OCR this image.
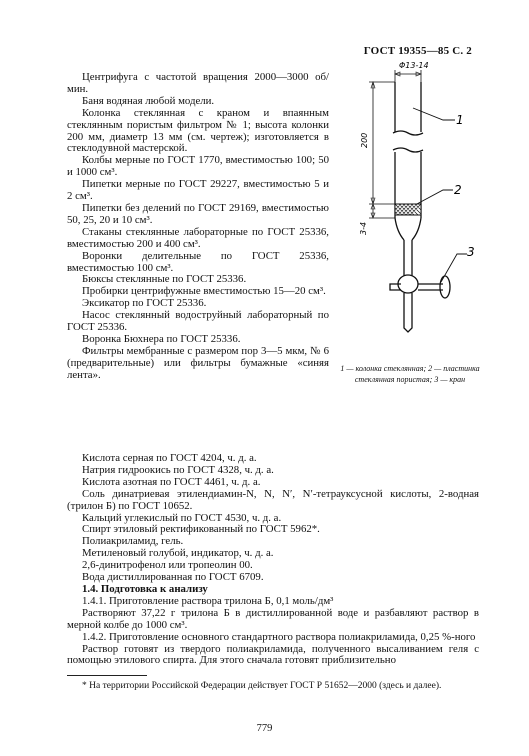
ГОСТ 19355—85 С. 2

Центрифуга с частотой вращения 2000—3000 об/мин.

Баня водяная любой модели.

Колонка стеклянная с краном и впаянным стеклянным пористым фильтром № 1; высота колонки 200 мм, диаметр 13 мм (см. чертеж); изготовляется в стеклодувной мастерской.

Колбы мерные по ГОСТ 1770, вместимостью 100; 50 и 1000 см³.

Пипетки мерные по ГОСТ 29227, вместимостью 5 и 2 см³.

Пипетки без делений по ГОСТ 29169, вместимостью 50, 25, 20 и 10 см³.

Стаканы стеклянные лабораторные по ГОСТ 25336, вместимостью 200 и 400 см³.

Воронки делительные по ГОСТ 25336, вместимостью 100 см³.

Бюксы стеклянные по ГОСТ 25336.

Пробирки центрифужные вместимостью 15—20 см³.

Эксикатор по ГОСТ 25336.

Насос стеклянный водоструйный лабораторный по ГОСТ 25336.

Воронка Бюхнера по ГОСТ 25336.

Фильтры мембранные с размером пор 3—5 мкм, № 6 (предварительные) или фильтры бумажные «синяя лента».

Φ13-14
200
3-4
1
2
3
1 — колонка стеклянная; 2 — пластинка стеклянная пористая; 3 — кран

Кислота серная по ГОСТ 4204, ч. д. а.

Натрия гидроокись по ГОСТ 4328, ч. д. а.

Кислота азотная по ГОСТ 4461, ч. д. а.

Соль динатриевая этилендиамин-N, N, N′, N′-тетрауксусной кислоты, 2-водная (трилон Б) по ГОСТ 10652.

Кальций углекислый по ГОСТ 4530, ч. д. а.

Спирт этиловый ректификованный по ГОСТ 5962*.

Полиакриламид, гель.

Метиленовый голубой, индикатор, ч. д. а.

2,6-динитрофенол или тропеолин 00.

Вода дистиллированная по ГОСТ 6709.

1.4. Подготовка к анализу

1.4.1. Приготовление раствора трилона Б, 0,1 моль/дм³

Растворяют 37,22 г трилона Б в дистиллированной воде и разбавляют раствор в мерной колбе до 1000 см³.

1.4.2. Приготовление основного стандартного раствора полиакриламида, 0,25 %-ного

Раствор готовят из твердого полиакриламида, полученного высаливанием геля с помощью этилового спирта. Для этого сначала готовят приблизительно

* На территории Российской Федерации действует ГОСТ Р 51652—2000 (здесь и далее).
779
